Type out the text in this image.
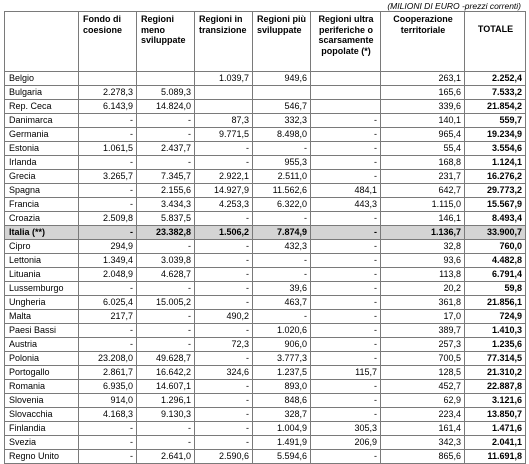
(MILIONI DI EURO -prezzi correnti)
	Fondo di coesione	Regioni meno sviluppate	Regioni in transizione	Regioni più sviluppate	Regioni ultra periferiche o scarsamente popolate (*)	Cooperazione territoriale	TOTALE
Belgio			1.039,7	949,6		263,1	2.252,4
Bulgaria	2.278,3	5.089,3				165,6	7.533,2
Rep. Ceca	6.143,9	14.824,0		546,7		339,6	21.854,2
Danimarca	-	-	87,3	332,3	-	140,1	559,7
Germania	-	-	9.771,5	8.498,0	-	965,4	19.234,9
Estonia	1.061,5	2.437,7	-	-	-	55,4	3.554,6
Irlanda	-	-	-	955,3	-	168,8	1.124,1
Grecia	3.265,7	7.345,7	2.922,1	2.511,0	-	231,7	16.276,2
Spagna	-	2.155,6	14.927,9	11.562,6	484,1	642,7	29.773,2
Francia	-	3.434,3	4.253,3	6.322,0	443,3	1.115,0	15.567,9
Croazia	2.509,8	5.837,5	-	-	-	146,1	8.493,4
Italia (**)	-	23.382,8	1.506,2	7.874,9	-	1.136,7	33.900,7
Cipro	294,9	-	-	432,3	-	32,8	760,0
Lettonia	1.349,4	3.039,8	-	-	-	93,6	4.482,8
Lituania	2.048,9	4.628,7	-	-	-	113,8	6.791,4
Lussemburgo	-	-	-	39,6	-	20,2	59,8
Ungheria	6.025,4	15.005,2	-	463,7	-	361,8	21.856,1
Malta	217,7	-	490,2	-	-	17,0	724,9
Paesi Bassi	-	-	-	1.020,6	-	389,7	1.410,3
Austria	-	-	72,3	906,0	-	257,3	1.235,6
Polonia	23.208,0	49.628,7	-	3.777,3	-	700,5	77.314,5
Portogallo	2.861,7	16.642,2	324,6	1.237,5	115,7	128,5	21.310,2
Romania	6.935,0	14.607,1	-	893,0	-	452,7	22.887,8
Slovenia	914,0	1.296,1	-	848,6	-	62,9	3.121,6
Slovacchia	4.168,3	9.130,3	-	328,7	-	223,4	13.850,7
Finlandia	-	-	-	1.004,9	305,3	161,4	1.471,6
Svezia	-	-	-	1.491,9	206,9	342,3	2.041,1
Regno Unito	-	2.641,0	2.590,6	5.594,6	-	865,6	11.691,8
